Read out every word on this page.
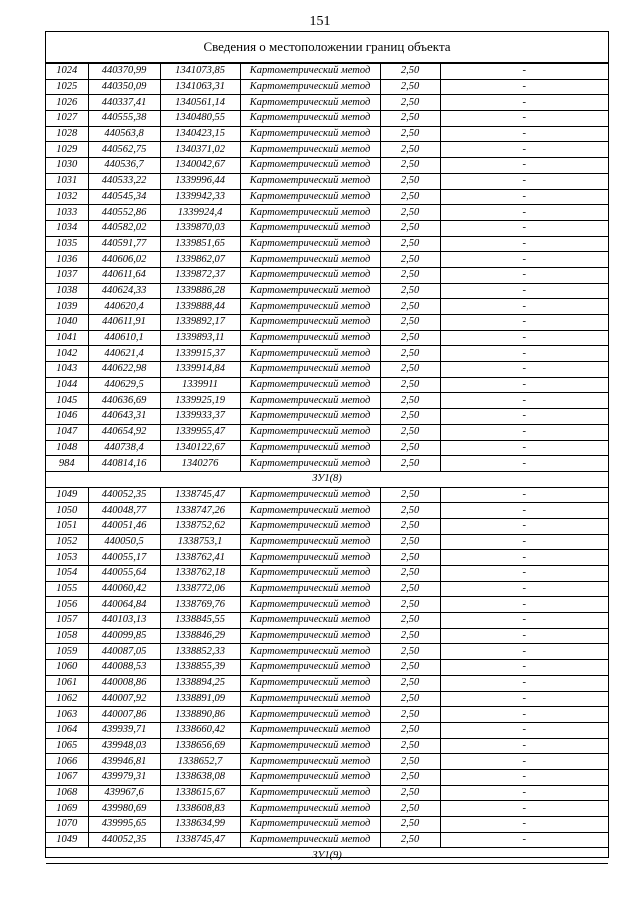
151
Сведения о местоположении границ объекта
1024	440370,99	1341073,85	Картометрический метод	2,50	-
1025	440350,09	1341063,31	Картометрический метод	2,50	-
1026	440337,41	1340561,14	Картометрический метод	2,50	-
1027	440555,38	1340480,55	Картометрический метод	2,50	-
1028	440563,8	1340423,15	Картометрический метод	2,50	-
1029	440562,75	1340371,02	Картометрический метод	2,50	-
1030	440536,7	1340042,67	Картометрический метод	2,50	-
1031	440533,22	1339996,44	Картометрический метод	2,50	-
1032	440545,34	1339942,33	Картометрический метод	2,50	-
1033	440552,86	1339924,4	Картометрический метод	2,50	-
1034	440582,02	1339870,03	Картометрический метод	2,50	-
1035	440591,77	1339851,65	Картометрический метод	2,50	-
1036	440606,02	1339862,07	Картометрический метод	2,50	-
1037	440611,64	1339872,37	Картометрический метод	2,50	-
1038	440624,33	1339886,28	Картометрический метод	2,50	-
1039	440620,4	1339888,44	Картометрический метод	2,50	-
1040	440611,91	1339892,17	Картометрический метод	2,50	-
1041	440610,1	1339893,11	Картометрический метод	2,50	-
1042	440621,4	1339915,37	Картометрический метод	2,50	-
1043	440622,98	1339914,84	Картометрический метод	2,50	-
1044	440629,5	1339911	Картометрический метод	2,50	-
1045	440636,69	1339925,19	Картометрический метод	2,50	-
1046	440643,31	1339933,37	Картометрический метод	2,50	-
1047	440654,92	1339955,47	Картометрический метод	2,50	-
1048	440738,4	1340122,67	Картометрический метод	2,50	-
984	440814,16	1340276	Картометрический метод	2,50	-
ЗУ1(8)					
1049	440052,35	1338745,47	Картометрический метод	2,50	-
1050	440048,77	1338747,26	Картометрический метод	2,50	-
1051	440051,46	1338752,62	Картометрический метод	2,50	-
1052	440050,5	1338753,1	Картометрический метод	2,50	-
1053	440055,17	1338762,41	Картометрический метод	2,50	-
1054	440055,64	1338762,18	Картометрический метод	2,50	-
1055	440060,42	1338772,06	Картометрический метод	2,50	-
1056	440064,84	1338769,76	Картометрический метод	2,50	-
1057	440103,13	1338845,55	Картометрический метод	2,50	-
1058	440099,85	1338846,29	Картометрический метод	2,50	-
1059	440087,05	1338852,33	Картометрический метод	2,50	-
1060	440088,53	1338855,39	Картометрический метод	2,50	-
1061	440008,86	1338894,25	Картометрический метод	2,50	-
1062	440007,92	1338891,09	Картометрический метод	2,50	-
1063	440007,86	1338890,86	Картометрический метод	2,50	-
1064	439939,71	1338660,42	Картометрический метод	2,50	-
1065	439948,03	1338656,69	Картометрический метод	2,50	-
1066	439946,81	1338652,7	Картометрический метод	2,50	-
1067	439979,31	1338638,08	Картометрический метод	2,50	-
1068	439967,6	1338615,67	Картометрический метод	2,50	-
1069	439980,69	1338608,83	Картометрический метод	2,50	-
1070	439995,65	1338634,99	Картометрический метод	2,50	-
1049	440052,35	1338745,47	Картометрический метод	2,50	-
ЗУ1(9)					
